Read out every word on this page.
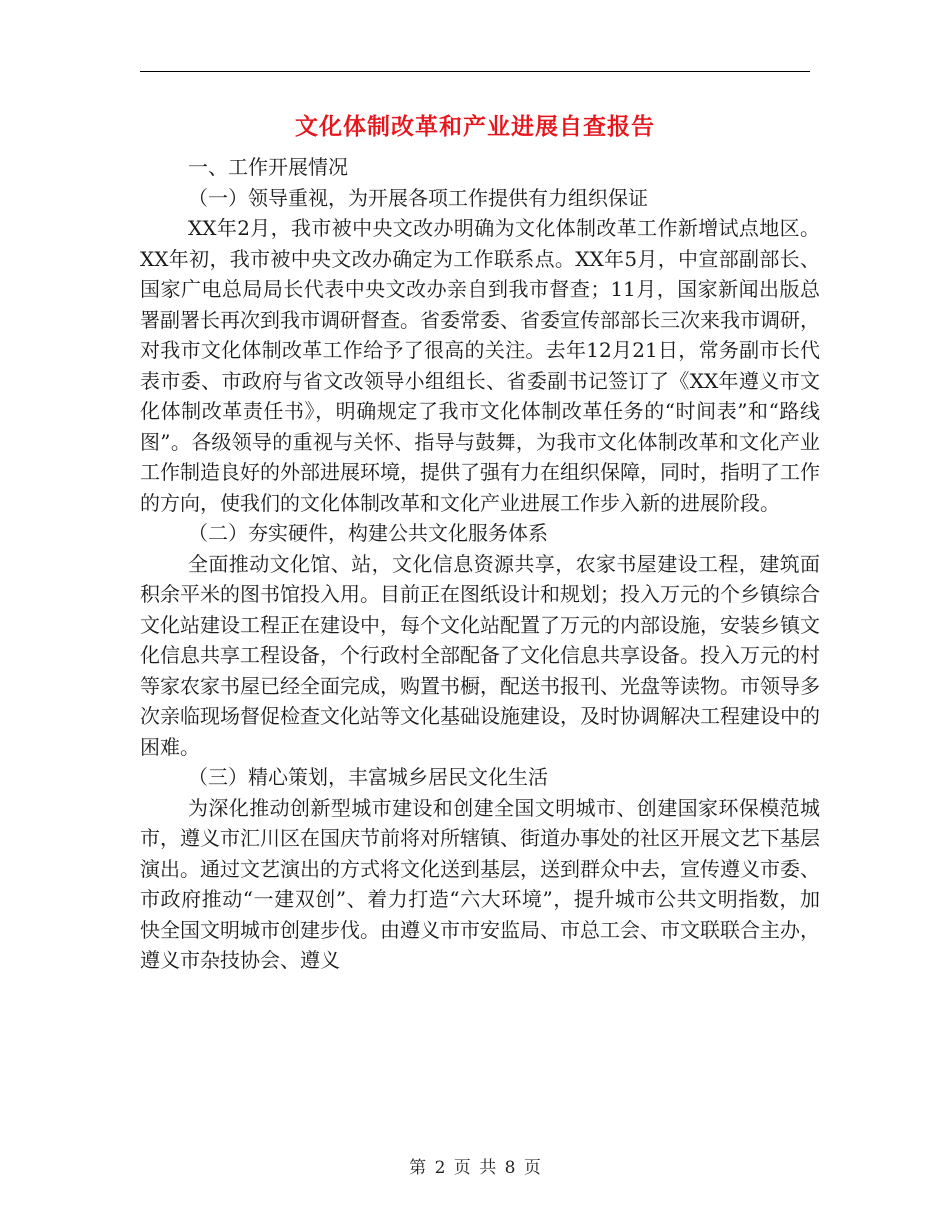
文化体制改革和产业进展自查报告

一、工作开展情况

（一）领导重视，为开展各项工作提供有力组织保证

XX年2月，我市被中央文改办明确为文化体制改革工作新增试点地区。XX年初，我市被中央文改办确定为工作联系点。XX年5月，中宣部副部长、国家广电总局局长代表中央文改办亲自到我市督查；11月，国家新闻出版总署副署长再次到我市调研督查。省委常委、省委宣传部部长三次来我市调研，对我市文化体制改革工作给予了很高的关注。去年12月21日，常务副市长代表市委、市政府与省文改领导小组组长、省委副书记签订了《XX年遵义市文化体制改革责任书》，明确规定了我市文化体制改革任务的“时间表”和“路线图”。各级领导的重视与关怀、指导与鼓舞，为我市文化体制改革和文化产业工作制造良好的外部进展环境，提供了强有力在组织保障，同时，指明了工作的方向，使我们的文化体制改革和文化产业进展工作步入新的进展阶段。

（二）夯实硬件，构建公共文化服务体系

全面推动文化馆、站，文化信息资源共享，农家书屋建设工程，建筑面积余平米的图书馆投入用。目前正在图纸设计和规划；投入万元的个乡镇综合文化站建设工程正在建设中，每个文化站配置了万元的内部设施，安装乡镇文化信息共享工程设备，个行政村全部配备了文化信息共享设备。投入万元的村等家农家书屋已经全面完成，购置书橱，配送书报刊、光盘等读物。市领导多次亲临现场督促检查文化站等文化基础设施建设，及时协调解决工程建设中的困难。

（三）精心策划，丰富城乡居民文化生活

为深化推动创新型城市建设和创建全国文明城市、创建国家环保模范城市，遵义市汇川区在国庆节前将对所辖镇、街道办事处的社区开展文艺下基层演出。通过文艺演出的方式将文化送到基层，送到群众中去，宣传遵义市委、市政府推动“一建双创”、着力打造“六大环境”，提升城市公共文明指数，加快全国文明城市创建步伐。由遵义市市安监局、市总工会、市文联联合主办，遵义市杂技协会、遵义

第 2 页 共 8 页
